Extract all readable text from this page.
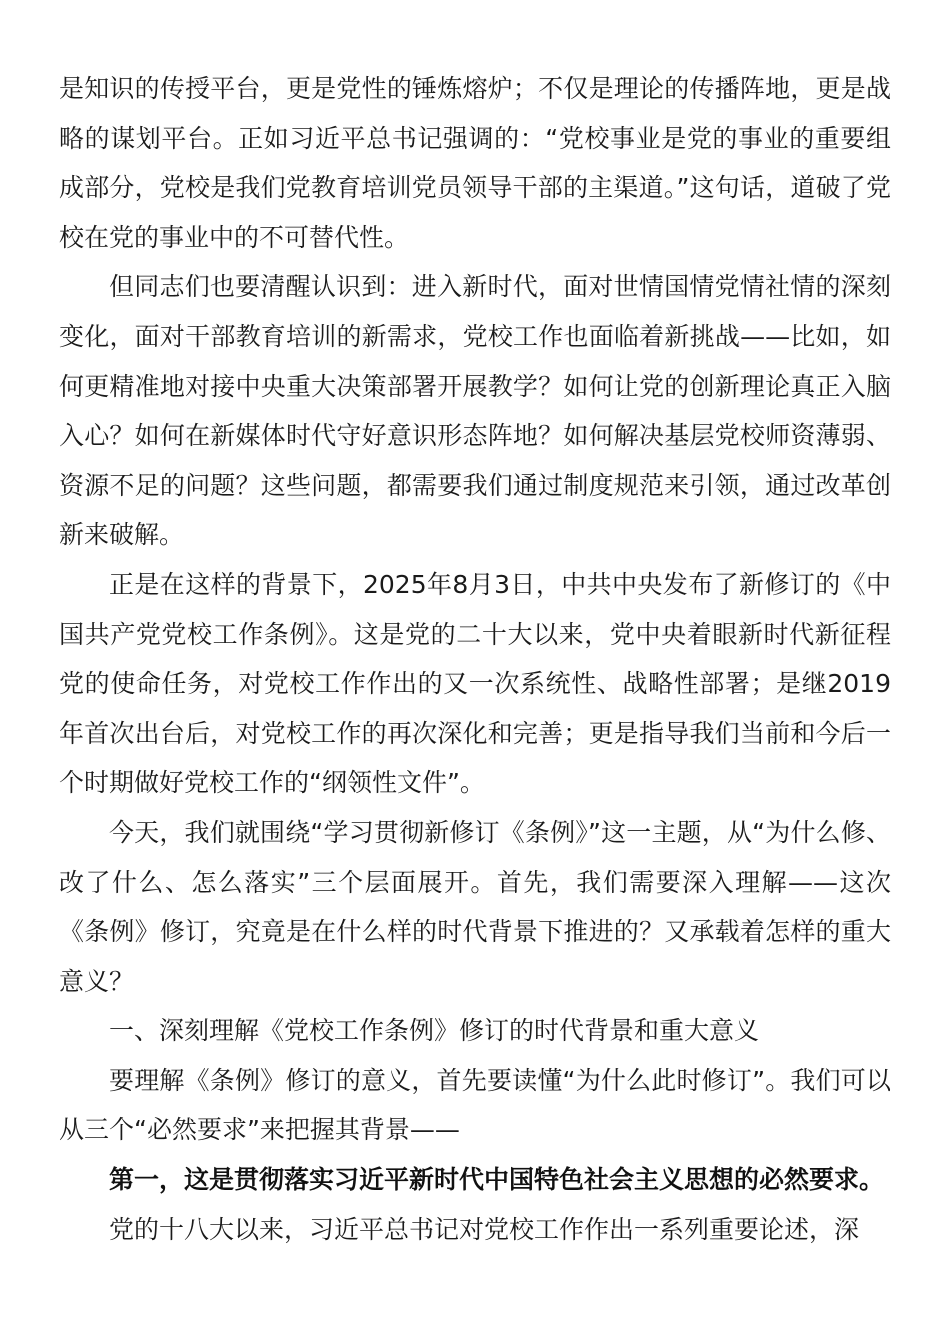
是知识的传授平台，更是党性的锤炼熔炉；不仅是理论的传播阵地，更是战略的谋划平台。正如习近平总书记强调的：“党校事业是党的事业的重要组成部分，党校是我们党教育培训党员领导干部的主渠道。”这句话，道破了党校在党的事业中的不可替代性。

但同志们也要清醒认识到：进入新时代，面对世情国情党情社情的深刻变化，面对干部教育培训的新需求，党校工作也面临着新挑战——比如，如何更精准地对接中央重大决策部署开展教学？如何让党的创新理论真正入脑入心？如何在新媒体时代守好意识形态阵地？如何解决基层党校师资薄弱、资源不足的问题？这些问题，都需要我们通过制度规范来引领，通过改革创新来破解。

正是在这样的背景下，2025年8月3日，中共中央发布了新修订的《中国共产党党校工作条例》。这是党的二十大以来，党中央着眼新时代新征程党的使命任务，对党校工作作出的又一次系统性、战略性部署；是继2019年首次出台后，对党校工作的再次深化和完善；更是指导我们当前和今后一个时期做好党校工作的“纲领性文件”。

今天，我们就围绕“学习贯彻新修订《条例》”这一主题，从“为什么修、改了什么、怎么落实”三个层面展开。首先，我们需要深入理解——这次《条例》修订，究竟是在什么样的时代背景下推进的？又承载着怎样的重大意义？

一、深刻理解《党校工作条例》修订的时代背景和重大意义

要理解《条例》修订的意义，首先要读懂“为什么此时修订”。我们可以从三个“必然要求”来把握其背景——

第一，这是贯彻落实习近平新时代中国特色社会主义思想的必然要求。

党的十八大以来，习近平总书记对党校工作作出一系列重要论述，深
